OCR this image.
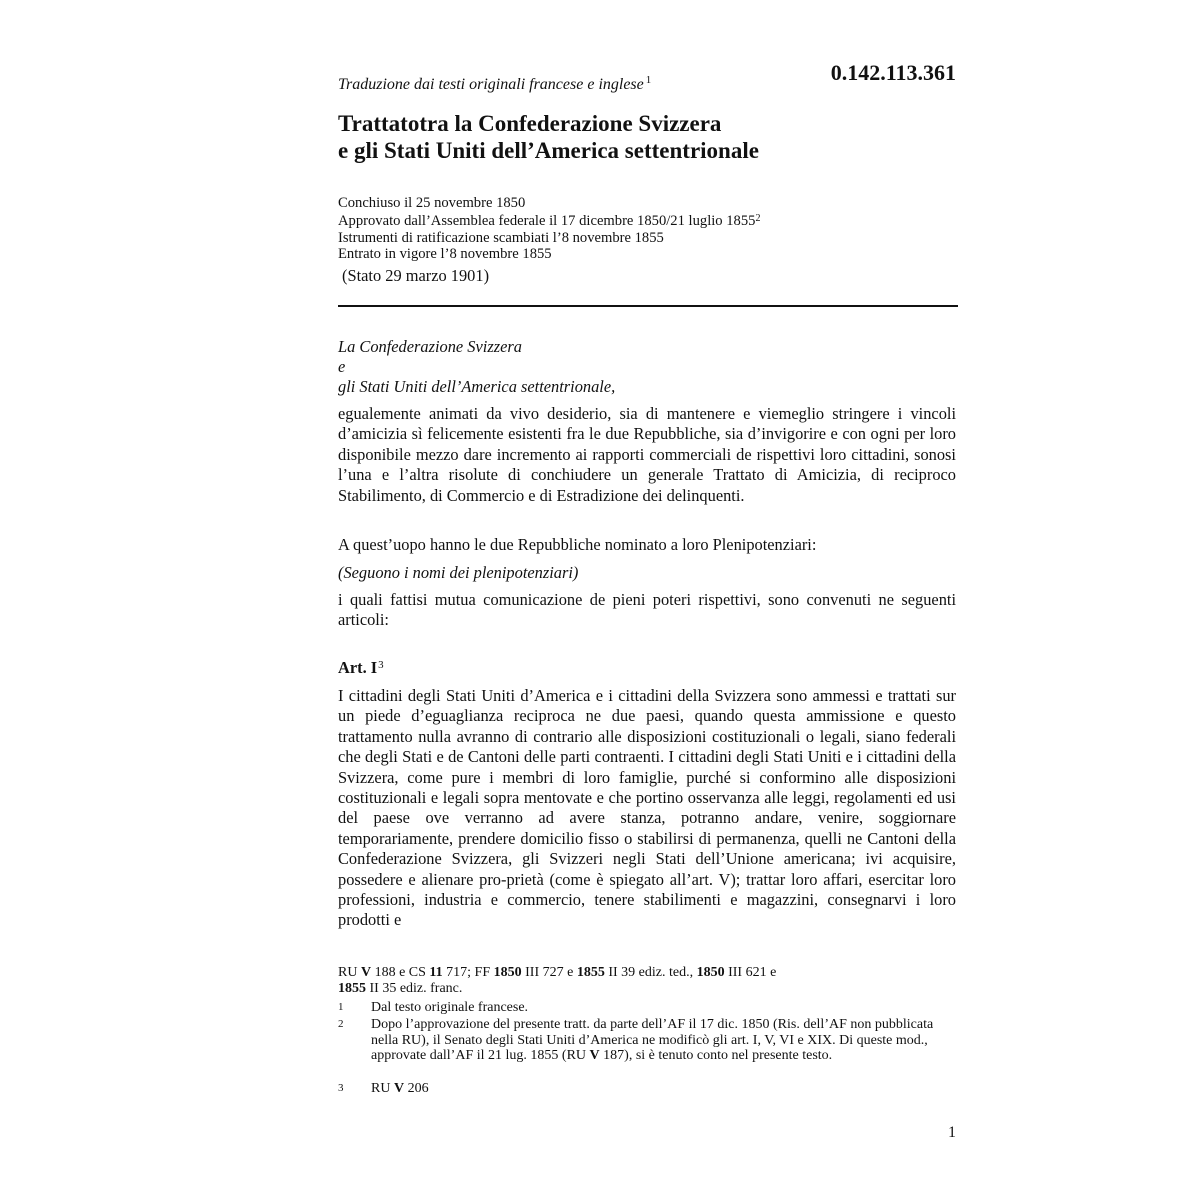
Traduzione dai testi originali francese e inglese $^1$	0.142.113.361
Trattatotra la Confederazione Svizzera
e gli Stati Uniti dell’America settentrionale
Conchiuso il 25 novembre 1850
Approvato dall’Assemblea federale il 17 dicembre 1850/21 luglio 1855$^2$
Istrumenti di ratificazione scambiati l’8 novembre 1855
Entrato in vigore l’8 novembre 1855
(Stato 29 marzo 1901)
La Confederazione Svizzera
e
gli Stati Uniti dell’America settentrionale,
egualemente animati da vivo desiderio, sia di mantenere e viemeglio stringere i vincoli d’amicizia sì felicemente esistenti fra le due Repubbliche, sia d’invigorire e con ogni per loro disponibile mezzo dare incremento ai rapporti commerciali de rispettivi loro cittadini, sonosi l’una e l’altra risolute di conchiudere un generale Trattato di Amicizia, di reciproco Stabilimento, di Commercio e di Estradizione dei delinquenti.
A quest’uopo hanno le due Repubbliche nominato a loro Plenipotenziari:
(Seguono i nomi dei plenipotenziari)
i quali fattisi mutua comunicazione de pieni poteri rispettivi, sono convenuti ne seguenti articoli:
Art. $I^3$
I cittadini degli Stati Uniti d’America e i cittadini della Svizzera sono ammessi e trattati sur un piede d’eguaglianza reciproca ne due paesi, quando questa ammissione e questo trattamento nulla avranno di contrario alle disposizioni costituzionali o legali, siano federali che degli Stati e de Cantoni delle parti contraenti. I cittadini degli Stati Uniti e i cittadini della Svizzera, come pure i membri di loro famiglie, purché si conformino alle disposizioni costituzionali e legali sopra mentovate e che portino osservanza alle leggi, regolamenti ed usi del paese ove verranno ad avere stanza, potranno andare, venire, soggiornare temporariamente, prendere domicilio fisso o stabilirsi di permanenza, quelli ne Cantoni della Confederazione Svizzera, gli Svizzeri negli Stati dell’Unione americana; ivi acquisire, possedere e alienare pro-prietà (come è spiegato all’art. V); trattar loro affari, esercitar loro professioni, industria e commercio, tenere stabilimenti e magazzini, consegnarvi i loro prodotti e
RU V 188 e CS 11 717; FF 1850 III 727 e 1855 II 39 ediz. ted., 1850 III 621 e
1855 II 35 ediz. franc.
1	Dal testo originale francese.
2	Dopo l’approvazione del presente tratt. da parte dell’AF il 17 dic. 1850 (Ris. dell’AF non pubblicata nella RU), il Senato degli Stati Uniti d’America ne modificò gli art. I, V, VI e XIX. Di queste mod., approvate dall’AF il 21 lug. 1855 (RU V 187), si è tenuto conto nel presente testo.
3	RU V 206
1
